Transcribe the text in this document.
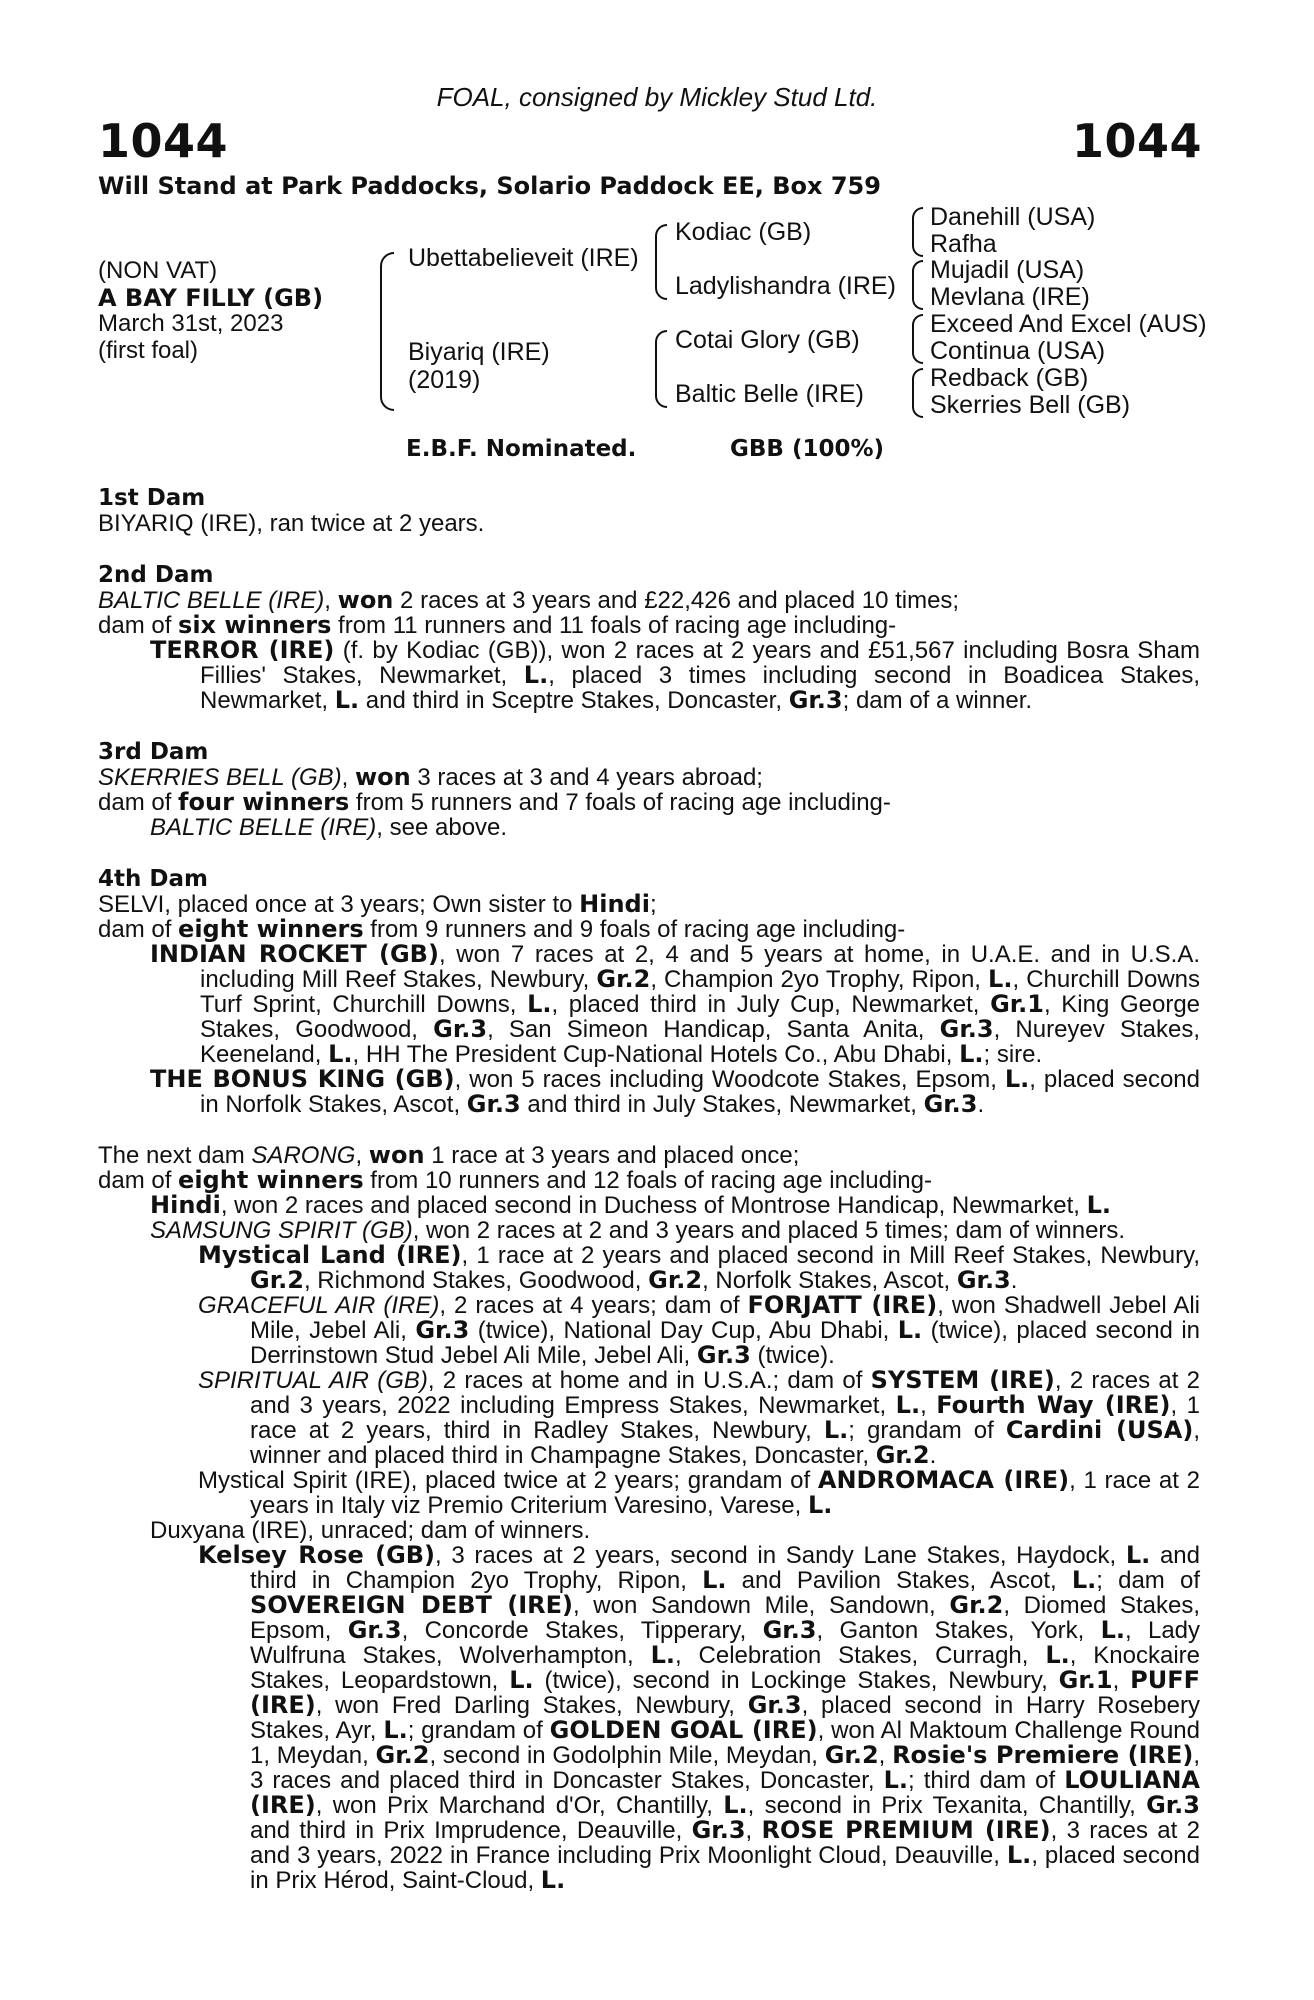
FOAL, consigned by Mickley Stud Ltd.
1044	1044
Will Stand at Park Paddocks, Solario Paddock EE, Box 759
(NON VAT)
A BAY FILLY (GB)
March 31st, 2023
(first foal)
Ubettabelieveit (IRE)
Biyariq (IRE)
(2019)
Kodiac (GB)
Ladylishandra (IRE)
Cotai Glory (GB)
Baltic Belle (IRE)
Danehill (USA)
Rafha
Mujadil (USA)
Mevlana (IRE)
Exceed And Excel (AUS)
Continua (USA)
Redback (GB)
Skerries Bell (GB)
E.B.F. Nominated.	GBB (100%)
1st Dam
BIYARIQ (IRE), ran twice at 2 years.
2nd Dam
BALTIC BELLE (IRE), won 2 races at 3 years and £22,426 and placed 10 times;
dam of six winners from 11 runners and 11 foals of racing age including-
TERROR (IRE) (f. by Kodiac (GB)), won 2 races at 2 years and £51,567 including Bosra Sham Fillies' Stakes, Newmarket, L., placed 3 times including second in Boadicea Stakes, Newmarket, L. and third in Sceptre Stakes, Doncaster, Gr.3; dam of a winner.
3rd Dam
SKERRIES BELL (GB), won 3 races at 3 and 4 years abroad;
dam of four winners from 5 runners and 7 foals of racing age including-
BALTIC BELLE (IRE), see above.
4th Dam
SELVI, placed once at 3 years; Own sister to Hindi;
dam of eight winners from 9 runners and 9 foals of racing age including-
INDIAN ROCKET (GB), won 7 races at 2, 4 and 5 years at home, in U.A.E. and in U.S.A. including Mill Reef Stakes, Newbury, Gr.2, Champion 2yo Trophy, Ripon, L., Churchill Downs Turf Sprint, Churchill Downs, L., placed third in July Cup, Newmarket, Gr.1, King George Stakes, Goodwood, Gr.3, San Simeon Handicap, Santa Anita, Gr.3, Nureyev Stakes, Keeneland, L., HH The President Cup-National Hotels Co., Abu Dhabi, L.; sire.
THE BONUS KING (GB), won 5 races including Woodcote Stakes, Epsom, L., placed second in Norfolk Stakes, Ascot, Gr.3 and third in July Stakes, Newmarket, Gr.3.
The next dam SARONG, won 1 race at 3 years and placed once;
dam of eight winners from 10 runners and 12 foals of racing age including-
Hindi, won 2 races and placed second in Duchess of Montrose Handicap, Newmarket, L.
SAMSUNG SPIRIT (GB), won 2 races at 2 and 3 years and placed 5 times; dam of winners.
Mystical Land (IRE), 1 race at 2 years and placed second in Mill Reef Stakes, Newbury, Gr.2, Richmond Stakes, Goodwood, Gr.2, Norfolk Stakes, Ascot, Gr.3.
GRACEFUL AIR (IRE), 2 races at 4 years; dam of FORJATT (IRE), won Shadwell Jebel Ali Mile, Jebel Ali, Gr.3 (twice), National Day Cup, Abu Dhabi, L. (twice), placed second in Derrinstown Stud Jebel Ali Mile, Jebel Ali, Gr.3 (twice).
SPIRITUAL AIR (GB), 2 races at home and in U.S.A.; dam of SYSTEM (IRE), 2 races at 2 and 3 years, 2022 including Empress Stakes, Newmarket, L., Fourth Way (IRE), 1 race at 2 years, third in Radley Stakes, Newbury, L.; grandam of Cardini (USA), winner and placed third in Champagne Stakes, Doncaster, Gr.2.
Mystical Spirit (IRE), placed twice at 2 years; grandam of ANDROMACA (IRE), 1 race at 2 years in Italy viz Premio Criterium Varesino, Varese, L.
Duxyana (IRE), unraced; dam of winners.
Kelsey Rose (GB), 3 races at 2 years, second in Sandy Lane Stakes, Haydock, L. and third in Champion 2yo Trophy, Ripon, L. and Pavilion Stakes, Ascot, L.; dam of SOVEREIGN DEBT (IRE), won Sandown Mile, Sandown, Gr.2, Diomed Stakes, Epsom, Gr.3, Concorde Stakes, Tipperary, Gr.3, Ganton Stakes, York, L., Lady Wulfruna Stakes, Wolverhampton, L., Celebration Stakes, Curragh, L., Knockaire Stakes, Leopardstown, L. (twice), second in Lockinge Stakes, Newbury, Gr.1, PUFF (IRE), won Fred Darling Stakes, Newbury, Gr.3, placed second in Harry Rosebery Stakes, Ayr, L.; grandam of GOLDEN GOAL (IRE), won Al Maktoum Challenge Round 1, Meydan, Gr.2, second in Godolphin Mile, Meydan, Gr.2, Rosie's Premiere (IRE), 3 races and placed third in Doncaster Stakes, Doncaster, L.; third dam of LOULIANA (IRE), won Prix Marchand d'Or, Chantilly, L., second in Prix Texanita, Chantilly, Gr.3 and third in Prix Imprudence, Deauville, Gr.3, ROSE PREMIUM (IRE), 3 races at 2 and 3 years, 2022 in France including Prix Moonlight Cloud, Deauville, L., placed second in Prix Hérod, Saint-Cloud, L.
